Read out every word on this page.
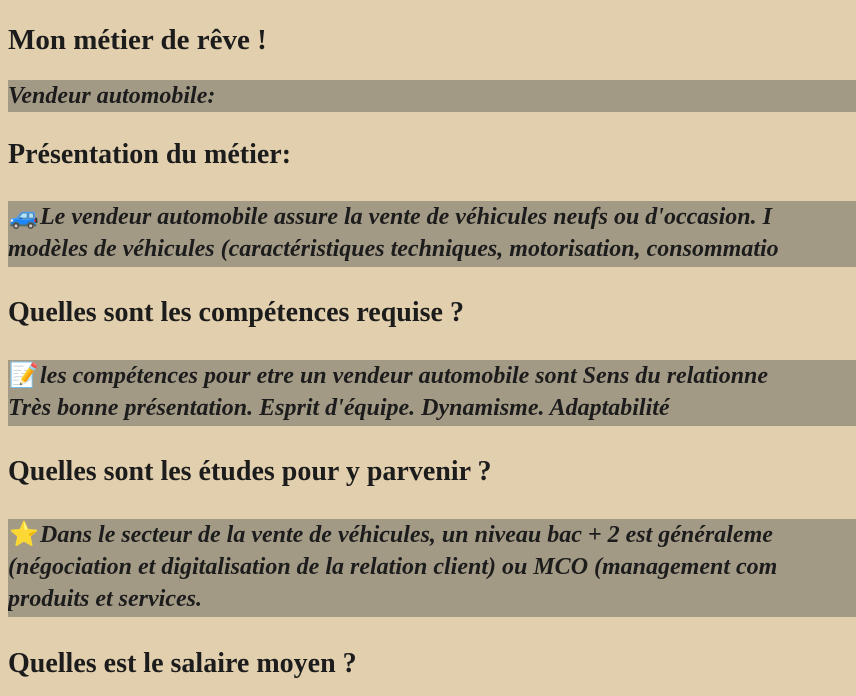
Mon métier de rêve !
Vendeur automobile:
Présentation du métier:
🚙Le vendeur automobile assure la vente de véhicules neufs ou d'occasion. I
modèles de véhicules (caractéristiques techniques, motorisation, consommatio
Quelles sont les compétences requise ?
📝les compétences pour etre un vendeur automobile sont Sens du relationne
Très bonne présentation. Esprit d'équipe. Dynamisme. Adaptabilité
Quelles sont les études pour y parvenir ?
⭐Dans le secteur de la vente de véhicules, un niveau bac + 2 est généraleme
(négociation et digitalisation de la relation client) ou MCO (management com
produits et services.
Quelles est le salaire moyen ?
